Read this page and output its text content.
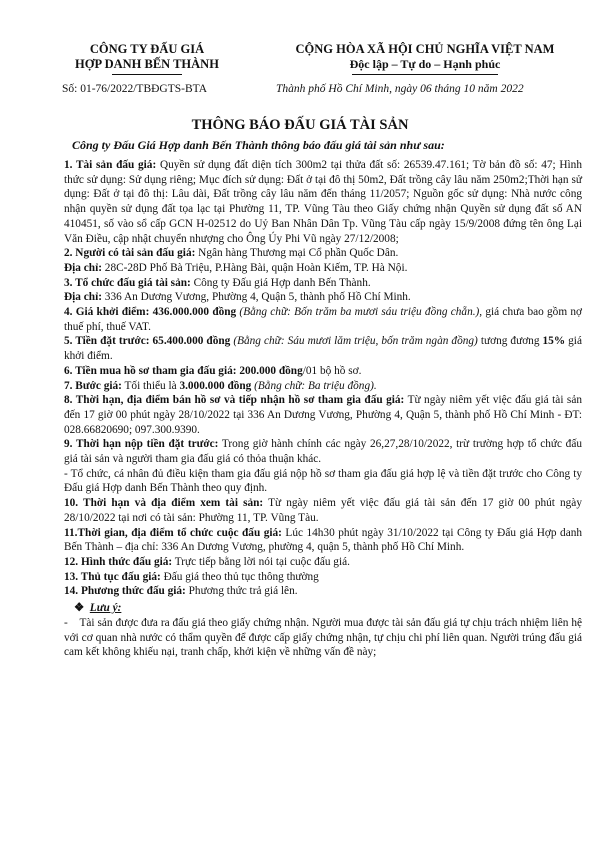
CÔNG TY ĐẤU GIÁ
HỢP DANH BẾN THÀNH
Số: 01-76/2022/TBĐGTS-BTA
CỘNG HÒA XÃ HỘI CHỦ NGHĨA VIỆT NAM
Độc lập – Tự do – Hạnh phúc
Thành phố Hồ Chí Minh, ngày 06 tháng 10 năm 2022
THÔNG BÁO ĐẤU GIÁ TÀI SẢN
Công ty Đấu Giá Hợp danh Bến Thành thông báo đấu giá tài sản như sau:

1. Tài sản đấu giá: Quyền sử dụng đất diện tích 300m2 tại thửa đất số: 26539.47.161; Tờ bản đồ số: 47; Hình thức sử dụng: Sử dụng riêng; Mục đích sử dụng: Đất ở tại đô thị 50m2, Đất trồng cây lâu năm 250m2;Thời hạn sử dụng: Đất ở tại đô thị: Lâu dài, Đất trồng cây lâu năm đến tháng 11/2057; Nguồn gốc sử dụng: Nhà nước công nhận quyền sử dụng đất tọa lạc tại Phường 11, TP. Vũng Tàu theo Giấy chứng nhận Quyền sử dụng đất số AN 410451, số vào sổ cấp GCN H-02512 do Uỷ Ban Nhân Dân Tp. Vũng Tàu cấp ngày 15/9/2008 đứng tên ông Lại Văn Điều, cập nhật chuyển nhượng cho Ông Úy Phi Vũ ngày 27/12/2008;

2. Người có tài sản đấu giá: Ngân hàng Thương mại Cổ phần Quốc Dân.

Địa chỉ: 28C-28D Phố Bà Triệu, P.Hàng Bài, quận Hoàn Kiếm, TP. Hà Nội.

3. Tổ chức đấu giá tài sản: Công ty Đấu giá Hợp danh Bến Thành.

Địa chỉ: 336 An Dương Vương, Phường 4, Quận 5, thành phố Hồ Chí Minh.

4. Giá khởi điểm: 436.000.000 đồng (Bằng chữ: Bốn trăm ba mươi sáu triệu đồng chẵn.), giá chưa bao gồm nợ thuế phí, thuế VAT.

5. Tiền đặt trước: 65.400.000 đồng (Bằng chữ: Sáu mươi lăm triệu, bốn trăm ngàn đồng) tương đương 15% giá khởi điểm.

6. Tiền mua hồ sơ tham gia đấu giá: 200.000 đồng/01 bộ hồ sơ.

7. Bước giá: Tối thiểu là 3.000.000 đồng (Bằng chữ: Ba triệu đồng).

8. Thời hạn, địa điểm bán hồ sơ và tiếp nhận hồ sơ tham gia đấu giá: Từ ngày niêm yết việc đấu giá tài sản đến 17 giờ 00 phút ngày 28/10/2022 tại 336 An Dương Vương, Phường 4, Quận 5, thành phố Hồ Chí Minh - ĐT: 028.66820690; 097.300.9390.

9. Thời hạn nộp tiền đặt trước: Trong giờ hành chính các ngày 26,27,28/10/2022, trừ trường hợp tổ chức đấu giá tài sản và người tham gia đấu giá có thỏa thuận khác.

- Tổ chức, cá nhân đủ điều kiện tham gia đấu giá nộp hồ sơ tham gia đấu giá hợp lệ và tiền đặt trước cho Công ty Đấu giá Hợp danh Bến Thành theo quy định.

10. Thời hạn và địa điểm xem tài sản: Từ ngày niêm yết việc đấu giá tài sản đến 17 giờ 00 phút ngày 28/10/2022 tại nơi có tài sản: Phường 11, TP. Vũng Tàu.

11.Thời gian, địa điểm tổ chức cuộc đấu giá: Lúc 14h30 phút ngày 31/10/2022 tại Công ty Đấu giá Hợp danh Bến Thành – địa chỉ: 336 An Dương Vương, phường 4, quận 5, thành phố Hồ Chí Minh.

12. Hình thức đấu giá: Trực tiếp bằng lời nói tại cuộc đấu giá.

13. Thủ tục đấu giá: Đấu giá theo thủ tục thông thường

14. Phương thức đấu giá: Phương thức trả giá lên.

❖ Lưu ý:

- Tài sản được đưa ra đấu giá theo giấy chứng nhận. Người mua được tài sản đấu giá tự chịu trách nhiệm liên hệ với cơ quan nhà nước có thẩm quyền để được cấp giấy chứng nhận, tự chịu chi phí liên quan. Người trúng đấu giá cam kết không khiếu nại, tranh chấp, khởi kiện về những vấn đề này;
